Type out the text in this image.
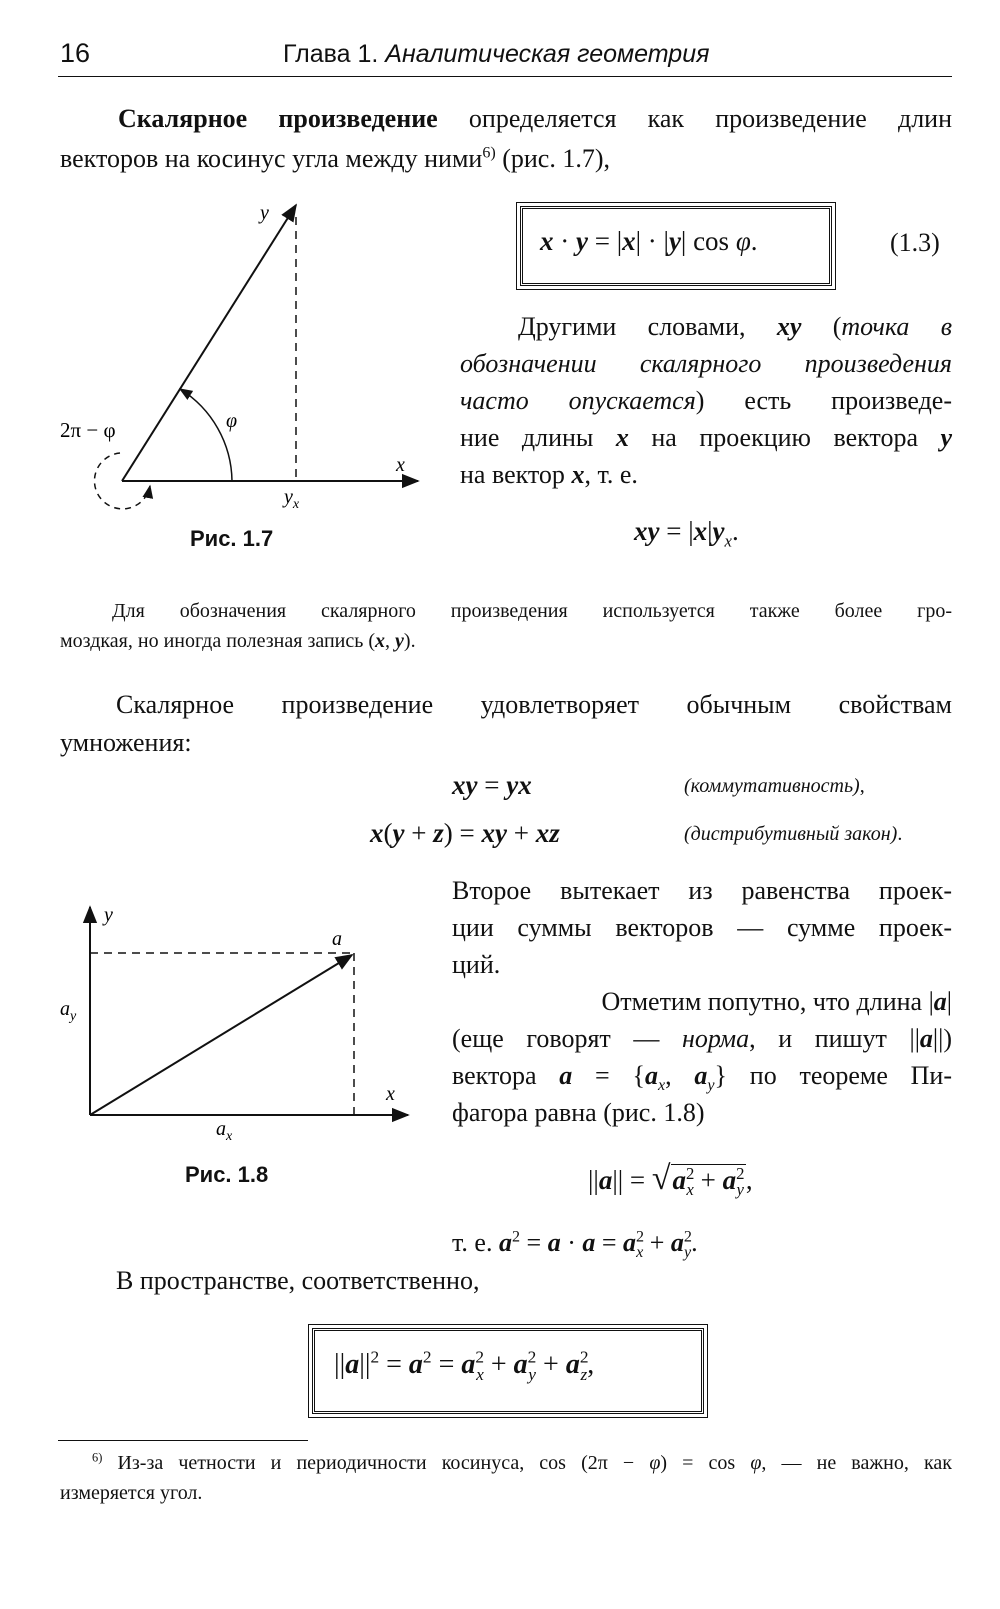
16	Глава 1. Аналитическая геометрия
Скалярное произведение определяется как произведение длин
векторов на косинус угла между ними$^{6)}$ (рис. 1.7),
y
x
φ
2π − φ
$y_x$
Рис. 1.7
x · y = |x| · |y| cos φ.	(1.3)
Другими словами, xy (точка в
обозначении скалярного произведения
часто опускается) есть произведе-
ние длины x на проекцию вектора y
на вектор x, т. е.
xy = $|x|y_x$.
Для обозначения скалярного произведения используется также более гро-
моздкая, но иногда полезная запись (x, y).
Скалярное произведение удовлетворяет обычным свойствам
умножения:
xy = yx	(коммутативность),
x(y + z) = xy + xz	(дистрибутивный закон).
y
x
a
$a_y$
$a_x$
Рис. 1.8
Второе вытекает из равенства проек-
ции суммы векторов — сумме проек-
ций.
Отметим попутно, что длина |a|
(еще говорят — норма, и пишут ||a||)
вектора $a = \{a_x$, $a_y$} по теореме Пи-
фагора равна (рис. 1.8)
$||a|| = √a^2_x + a^2_y$,
т. е. $a^2 = a \cdot a = a^2_x + a^2_y$.
В пространстве, соответственно,
$||a||^2 = a^2 = a^2_x + a^2_y + a^2_z$,
$^{6)}$ Из-за четности и периодичности косинуса, cos (2π − φ) = cos φ, — не важно, как
измеряется угол.
